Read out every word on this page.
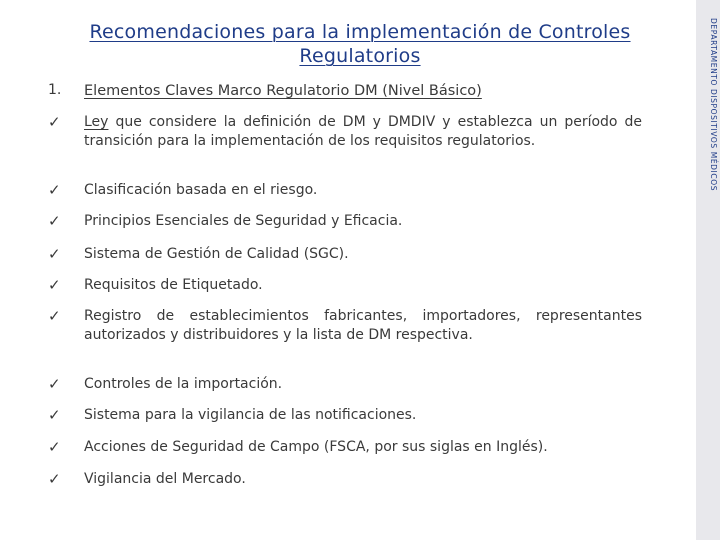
DEPARTAMENTO DISPOSITIVOS MÉDICOS
Recomendaciones para la implementación de Controles Regulatorios
1.	Elementos Claves Marco Regulatorio DM (Nivel Básico)
✓	Ley que considere la definición de DM y DMDIV y establezca un período de transición para la implementación de los requisitos regulatorios.
✓	Clasificación basada en el riesgo.
✓	Principios Esenciales de Seguridad y Eficacia.
✓	Sistema de Gestión de Calidad (SGC).
✓	Requisitos de Etiquetado.
✓	Registro de establecimientos fabricantes, importadores, representantes autorizados y distribuidores y la lista de DM respectiva.
✓	Controles de la importación.
✓	Sistema para la vigilancia de las notificaciones.
✓	Acciones de Seguridad de Campo (FSCA, por sus siglas en Inglés).
✓	Vigilancia del Mercado.
